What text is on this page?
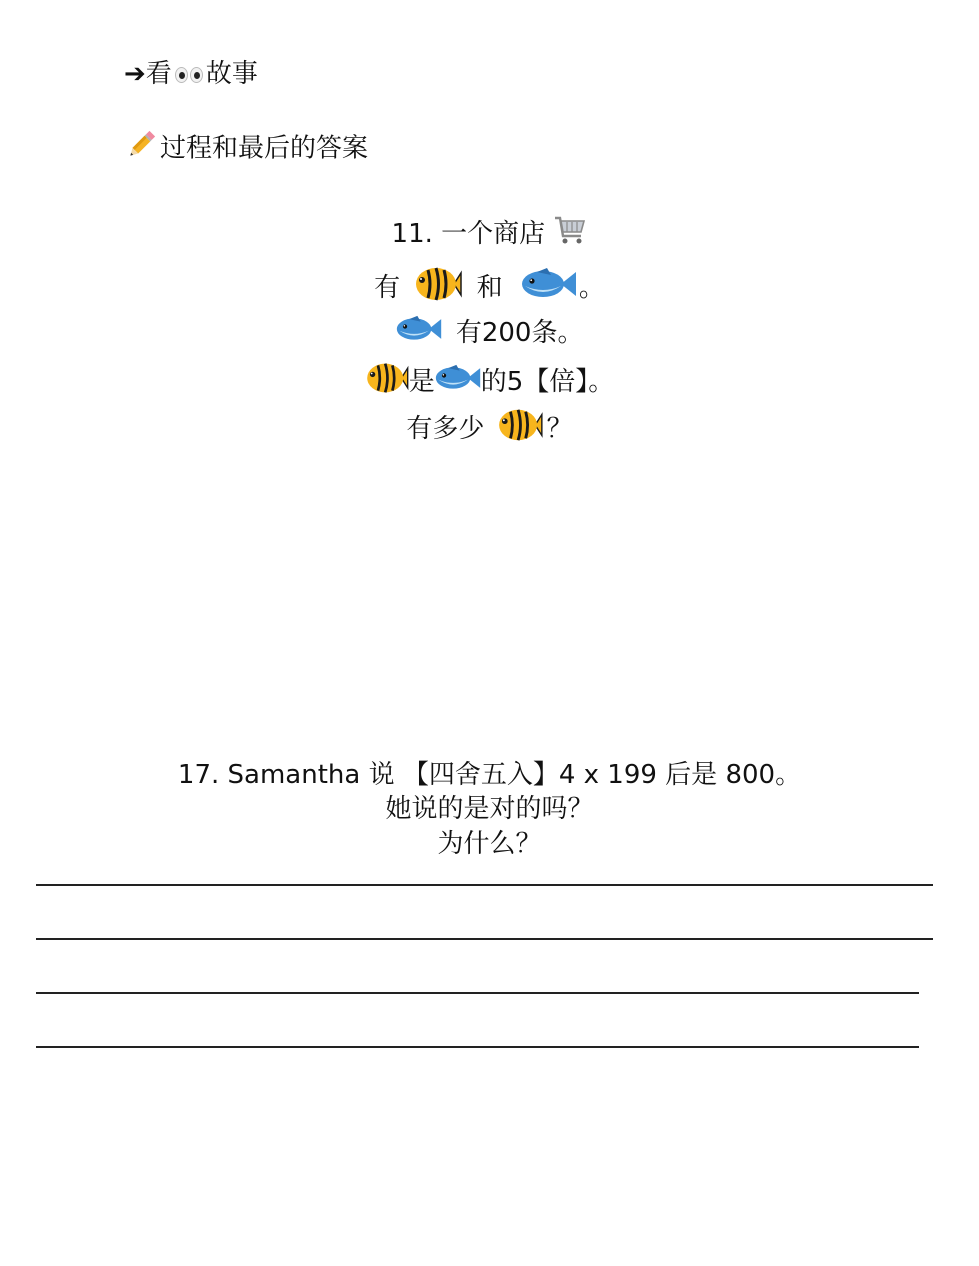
➔看 故事
过程和最后的答案
11. 一个商店
有	和	。
有200条。
是 的5【倍】。
有多少 ？
17. Samantha 说 【四舍五入】4 x 199 后是 800。
她说的是对的吗？
为什么？
